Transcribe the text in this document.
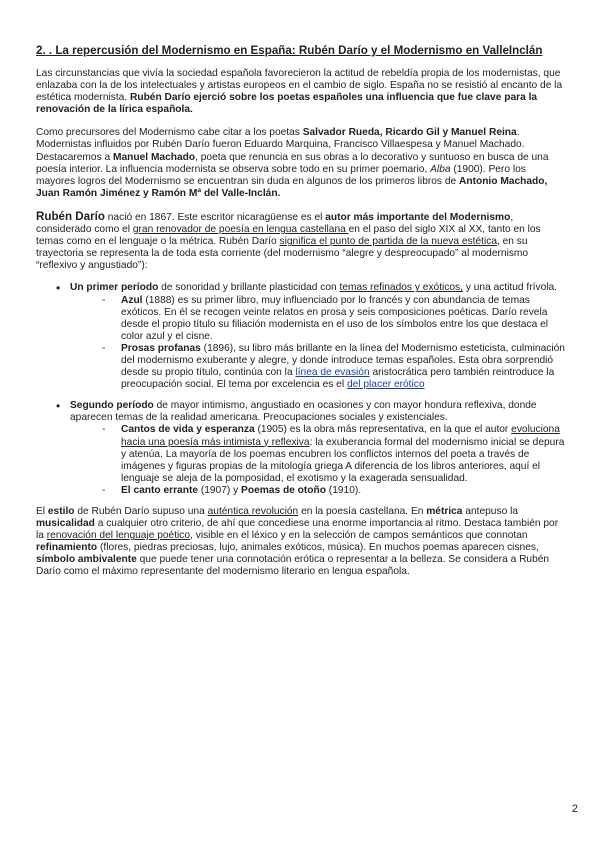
2. . La repercusión del Modernismo en España: Rubén Darío y el Modernismo en ValleInclán

Las circunstancias que vivía la sociedad española favorecieron la actitud de rebeldía propia de los modernistas, que enlazaba con la de los intelectuales y artistas europeos en el cambio de siglo. España no se resistió al encanto de la estética modernista. Rubén Darío ejerció sobre los poetas españoles una influencia que fue clave para la renovación de la lírica española.

Como precursores del Modernismo cabe citar a los poetas Salvador Rueda, Ricardo Gil y Manuel Reina. Modernistas influidos por Rubén Darío fueron Eduardo Marquina, Francisco Villaespesa y Manuel Machado. Destacaremos a Manuel Machado, poeta que renuncia en sus obras a lo decorativo y suntuoso en busca de una poesía interior. La influencia modernista se observa sobre todo en su primer poemario, Alba (1900). Pero los mayores logros del Modernismo se encuentran sin duda en algunos de los primeros libros de Antonio Machado, Juan Ramón Jiménez y Ramón Mª del Valle-Inclán.

Rubén Darío nació en 1867. Este escritor nicaragüense es el autor más importante del Modernismo, considerado como el gran renovador de poesía en lengua castellana en el paso del siglo XIX al XX, tanto en los temas como en el lenguaje o la métrica. Rubén Darío significa el punto de partida de la nueva estética, en su trayectoria se representa la de toda esta corriente (del modernismo “alegre y despreocupado” al modernismo “reflexivo y angustiado”):

• Un primer período de sonoridad y brillante plasticidad con temas refinados y exóticos, y una actitud frívola.
- Azul (1888) es su primer libro, muy influenciado por lo francés y con abundancia de temas exóticos. En él se recogen veinte relatos en prosa y seis composiciones poéticas. Darío revela desde el propio título su filiación modernista en el uso de los símbolos entre los que destaca el color azul y el cisne.
- Prosas profanas (1896), su libro más brillante en la línea del Modernismo esteticista, culminación del modernismo exuberante y alegre, y donde introduce temas españoles. Esta obra sorprendió desde su propio título, continúa con la línea de evasión aristocrática pero también reintroduce la preocupación social. El tema por excelencia es el del placer erótico
• Segundo período de mayor intimismo, angustiado en ocasiones y con mayor hondura reflexiva, donde aparecen temas de la realidad americana. Preocupaciones sociales y existenciales.
- Cantos de vida y esperanza (1905) es la obra más representativa, en la que el autor evoluciona hacia una poesía más intimista y reflexiva: la exuberancia formal del modernismo inicial se depura y atenúa. La mayoría de los poemas encubren los conflictos internos del poeta a través de imágenes y figuras propias de la mitología griega A diferencia de los libros anteriores, aquí el lenguaje se aleja de la pomposidad, el exotismo y la exagerada sensualidad.
- El canto errante (1907) y Poemas de otoño (1910).

El estilo de Rubén Darío supuso una auténtica revolución en la poesía castellana. En métrica antepuso la musicalidad a cualquier otro criterio, de ahí que concediese una enorme importancia al ritmo. Destaca también por la renovación del lenguaje poético, visible en el léxico y en la selección de campos semánticos que connotan refinamiento (flores, piedras preciosas, lujo, animales exóticos, música). En muchos poemas aparecen cisnes, símbolo ambivalente que puede tener una connotación erótica o representar a la belleza. Se considera a Rubén Darío como el máximo representante del modernismo literario en lengua española.

2
